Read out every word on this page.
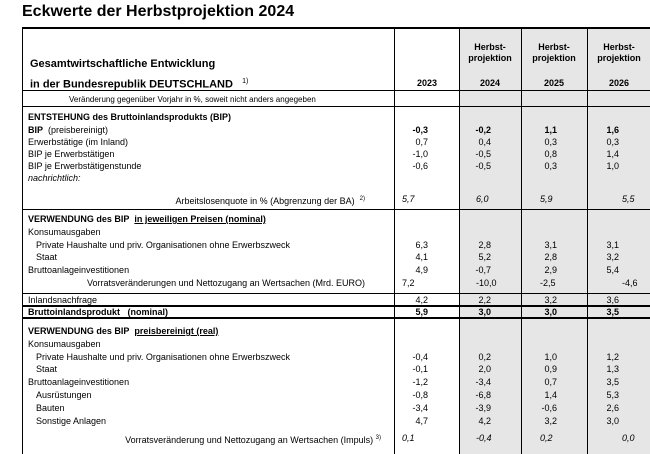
Eckwerte der Herbstprojektion 2024
Gesamtwirtschaftliche Entwicklung
in der Bundesrepublik DEUTSCHLAND $^{1)}$
Herbst-
projektion
Herbst-
projektion
Herbst-
projektion
2023	2024	2025	2026
Veränderung gegenüber Vorjahr in %, soweit nicht anders angegeben
ENTSTEHUNG des Bruttoinlandsprodukts (BIP)
BIP (preisbereinigt)	-0,3	-0,2	1,1	1,6
Erwerbstätige (im Inland)	0,7	0,4	0,3	0,3
BIP je Erwerbstätigen	-1,0	-0,5	0,8	1,4
BIP je Erwerbstätigenstunde	-0,6	-0,5	0,3	1,0
nachrichtlich:
Arbeitslosenquote in % (Abgrenzung der BA) $^{2)}$	5,7	6,0	5,9	5,5
VERWENDUNG des BIP in jeweiligen Preisen (nominal)
Konsumausgaben
Private Haushalte und priv. Organisationen ohne Erwerbszweck	6,3	2,8	3,1	3,1
Staat	4,1	5,2	2,8	3,2
Bruttoanlageinvestitionen	4,9	-0,7	2,9	5,4
Vorratsveränderungen und Nettozugang an Wertsachen (Mrd. EURO)	7,2	-10,0	-2,5	-4,6
Inlandsnachfrage	4,2	2,2	3,2	3,6
Bruttoinlandsprodukt   (nominal)	5,9	3,0	3,0	3,5
VERWENDUNG des BIP preisbereinigt (real)
Konsumausgaben
Private Haushalte und priv. Organisationen ohne Erwerbszweck	-0,4	0,2	1,0	1,2
Staat	-0,1	2,0	0,9	1,3
Bruttoanlageinvestitionen	-1,2	-3,4	0,7	3,5
Ausrüstungen	-0,8	-6,8	1,4	5,3
Bauten	-3,4	-3,9	-0,6	2,6
Sonstige Anlagen	4,7	4,2	3,2	3,0
Vorratsveränderung und Nettozugang an Wertsachen (Impuls) $^{3)}$ 0,1	-0,4	0,2	0,0
